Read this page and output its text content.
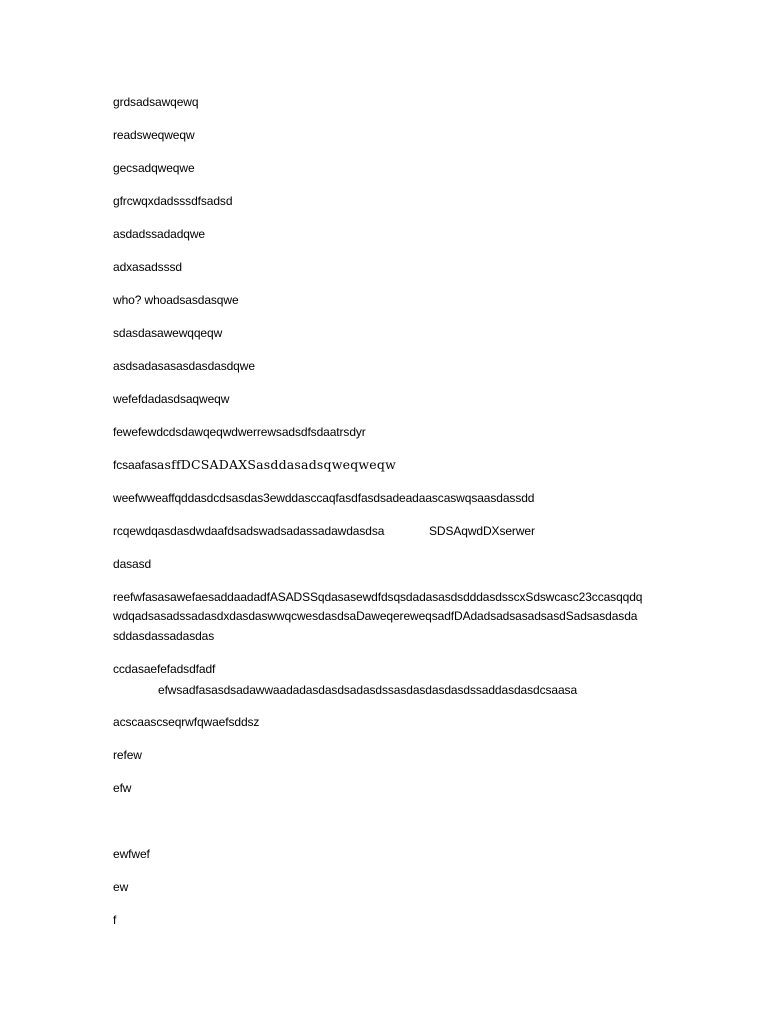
grdsadsawqewq
readsweqweqw
gecsadqweqwe
gfrcwqxdadsssdfsadsd
asdadssadadqwe
adxasadsssd
who? whoadsasdasqwe
sdasdasawewqqeqw
asdsadasasasdasdasdqwe
wefefdadasdsaqweqw
fewefewdcdsdawqeqwdwerrewsadsdfsdaatrsdyr
fcsaafasasffDCSADAXSasddasadsqweqweqw
weefwweaffqddasdcdsasdas3ewddasccaqfasdfasdsadeadaascaswqsaasdassdd
rcqewdqasdasdwdaafdsadswadsadassadawdasdsa	SDSAqwdDXserwer
dasasd
reefwfasasawefaesaddaadadfASADSSqdasasewdfdsqsdadasasdsdddasdsscxSdswcasc23ccasqqdq
wdqadsasadssadasdxdasdaswwqcwesdasdsaDaweqereweqsadfDAdadsadsasadsasdSadsasdasda
sddasdassadasdas
ccdasaefefadsdfadf
efwsadfasasdsadawwaadadasdasdsadasdssasdasdasdasdssaddasdasdcsaasa
acscaascseqrwfqwaefsddsz
refew
efw
ewfwef
ew
f
